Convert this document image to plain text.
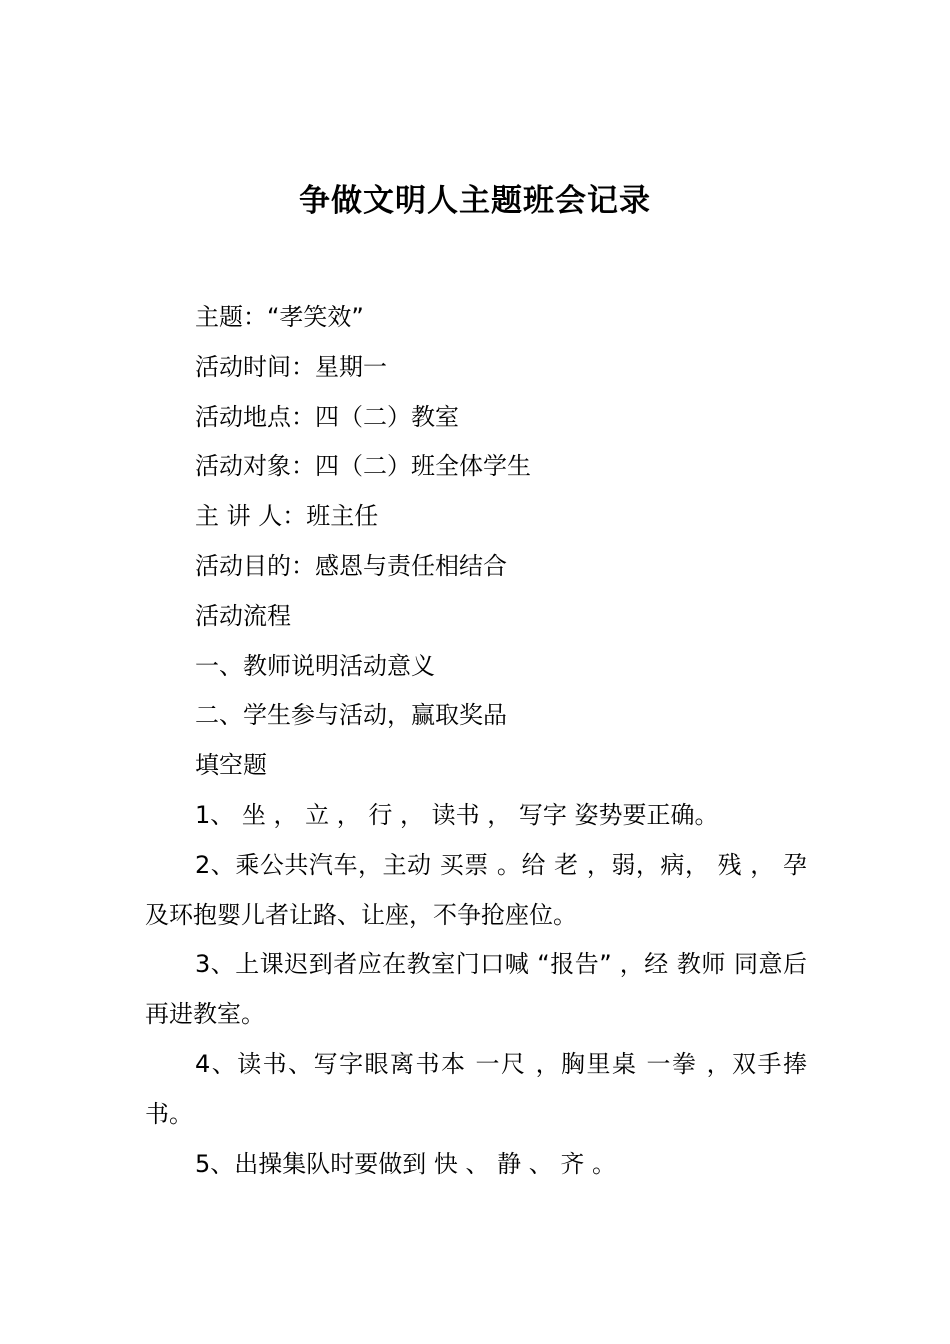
争做文明人主题班会记录

主题：“孝笑效”

活动时间：星期一

活动地点：四（二）教室

活动对象：四（二）班全体学生

主 讲 人：班主任

活动目的：感恩与责任相结合

活动流程

一、教师说明活动意义

二、学生参与活动，赢取奖品

填空题

1、 坐 ， 立 ， 行 ， 读书 ， 写字 姿势要正确。

2、乘公共汽车，主动 买票 。给 老 ，弱，病， 残 ， 孕 及环抱婴儿者让路、让座，不争抢座位。

3、上课迟到者应在教室门口喊 “报告” ，经 教师 同意后再进教室。

4、读书、写字眼离书本 一尺 ，胸里桌 一拳 ，双手捧书。

5、出操集队时要做到 快 、 静 、 齐 。
